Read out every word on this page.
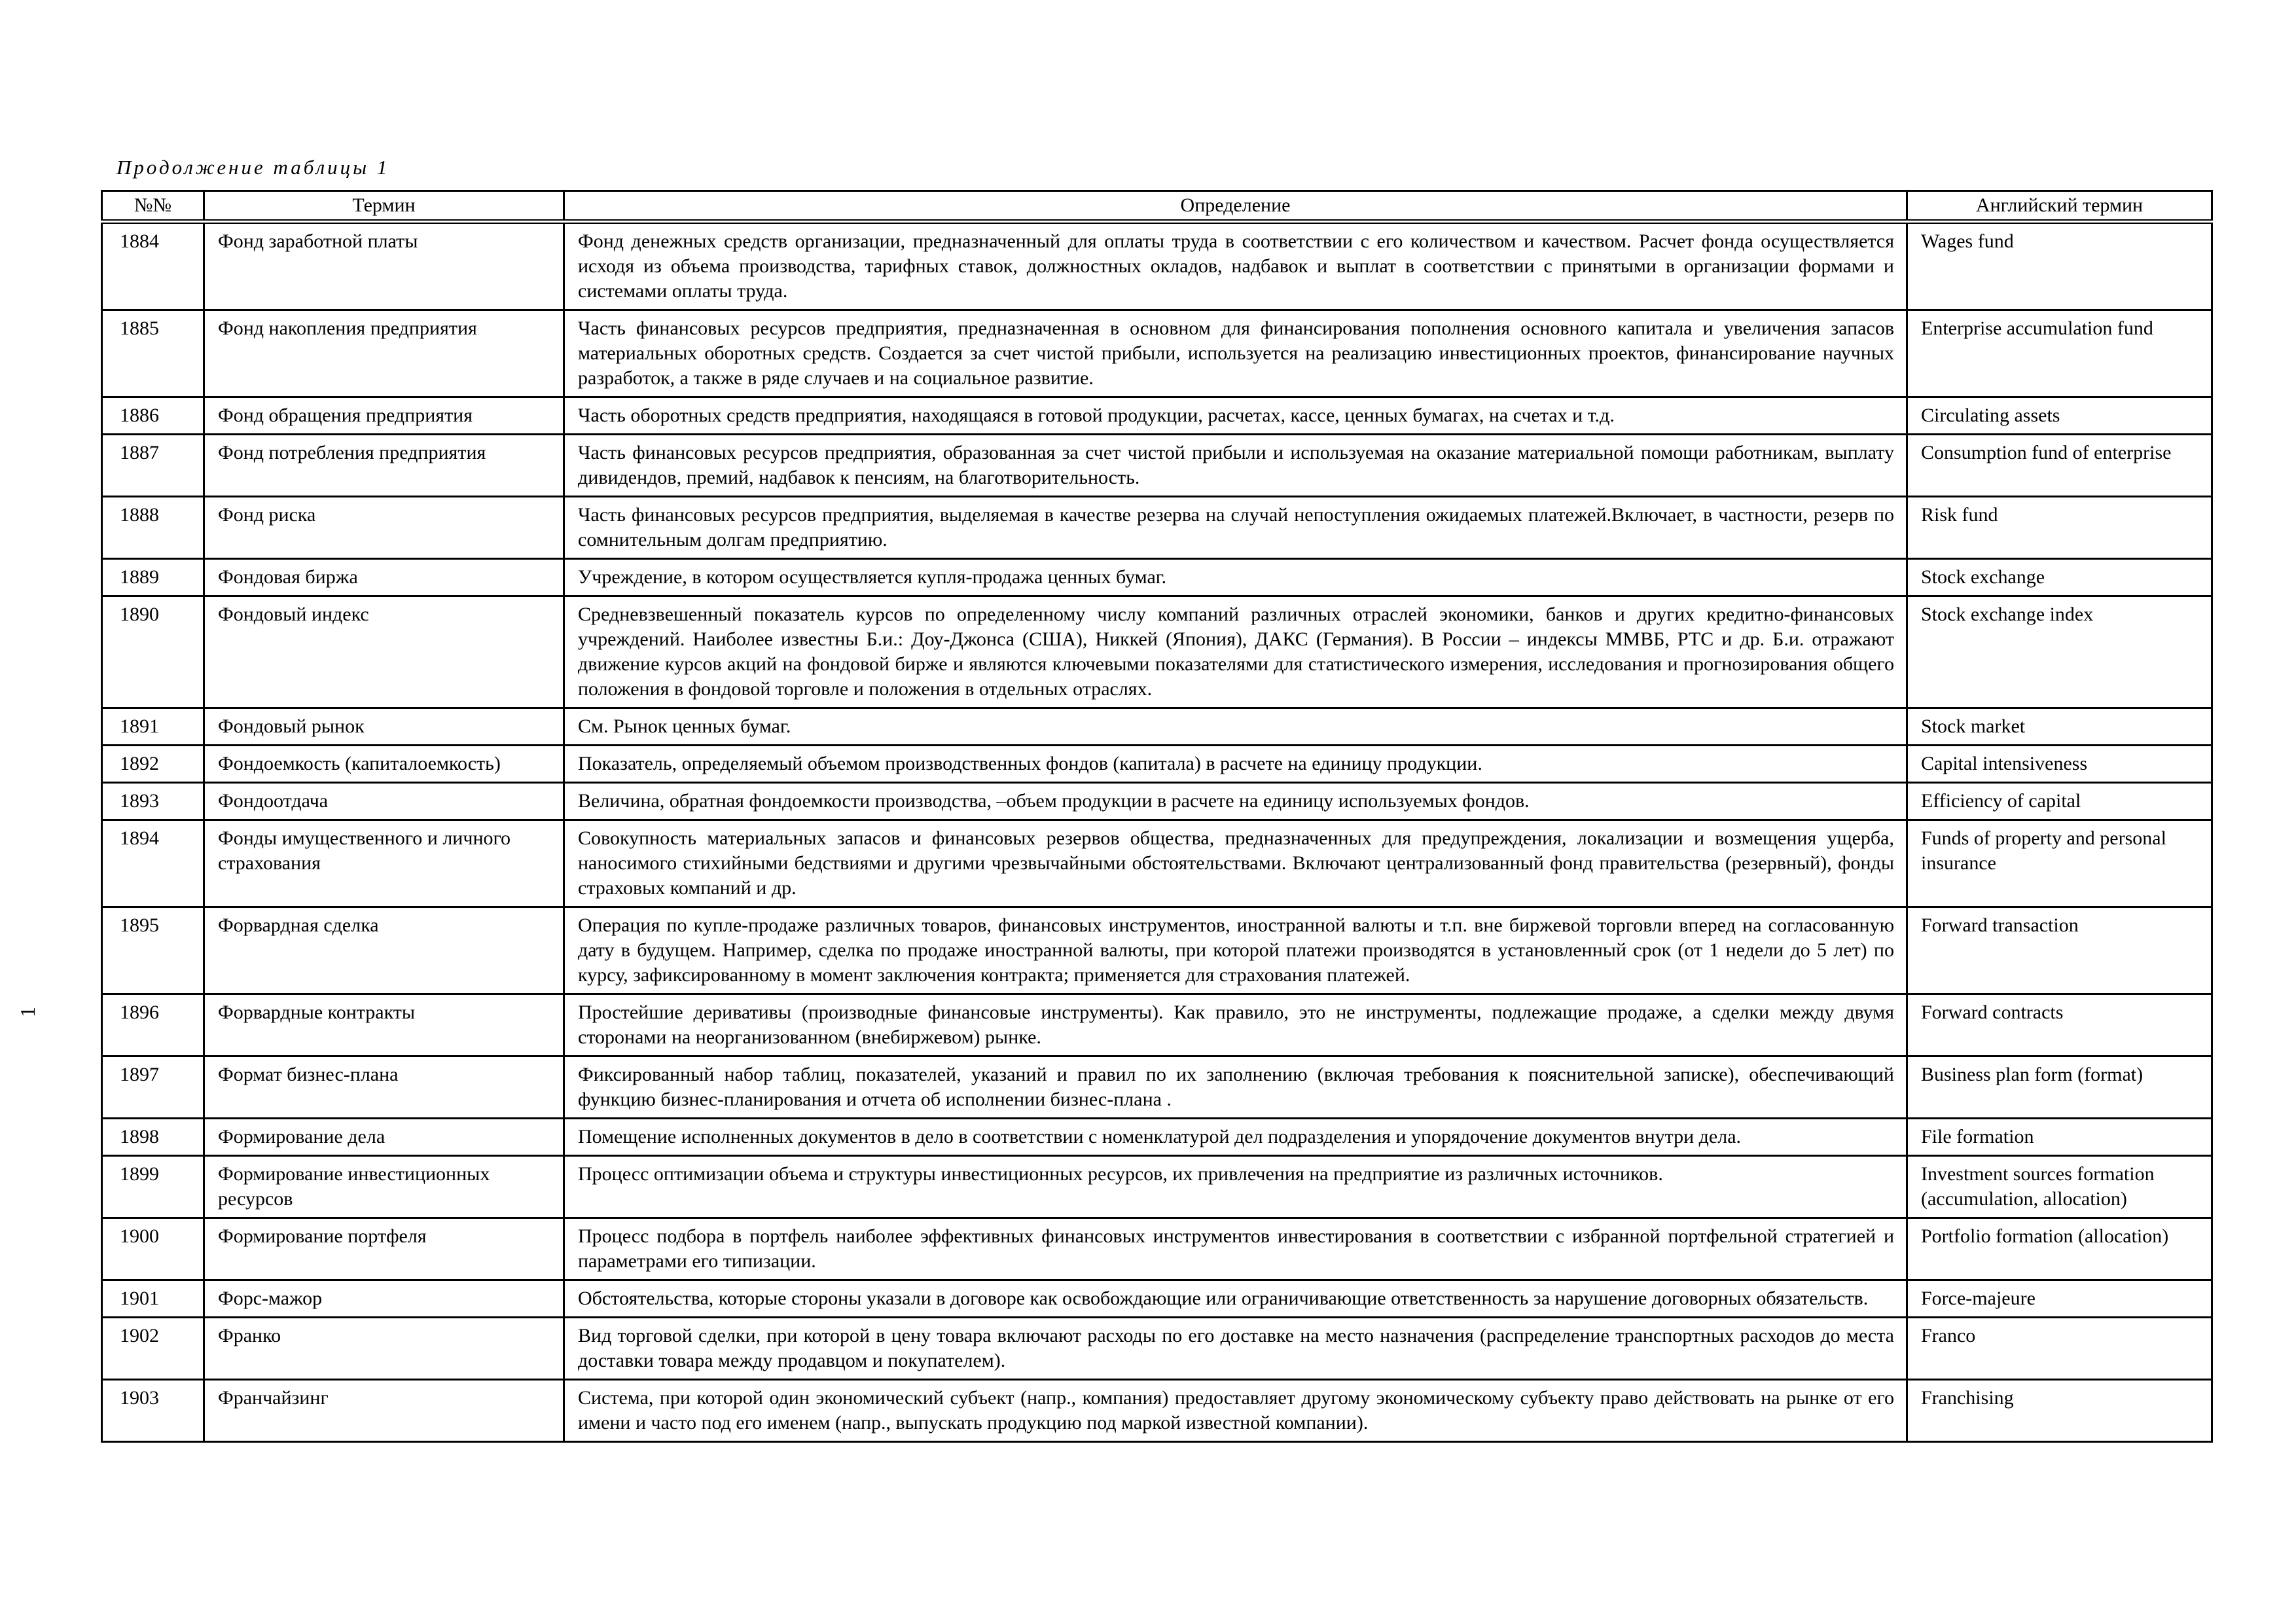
Продолжение таблицы 1
1
№№	Термин	Определение	Английский термин
1884	Фонд заработной платы	Фонд денежных средств организации, предназначенный для оплаты труда в соответствии с его количеством и качеством. Расчет фонда осуществляется исходя из объема производства, тарифных ставок, должностных окладов, надбавок и выплат в соответствии с принятыми в организации формами и системами оплаты труда.	Wages fund
1885	Фонд накопления предприятия	Часть финансовых ресурсов предприятия, предназначенная в основном для финансирования пополнения основного капитала и увеличения запасов материальных оборотных средств. Создается за счет чистой прибыли, используется на реализацию инвестиционных проектов, финансирование научных разработок, а также в ряде случаев и на социальное развитие.	Enterprise accumulation fund
1886	Фонд обращения предприятия	Часть оборотных средств предприятия, находящаяся в готовой продукции, расчетах, кассе, ценных бумагах, на счетах и т.д.	Circulating assets
1887	Фонд потребления предприятия	Часть финансовых ресурсов предприятия, образованная за счет чистой прибыли и используемая на оказание материальной помощи работникам, выплату дивидендов, премий, надбавок к пенсиям, на благотворительность.	Consumption fund of enterprise
1888	Фонд риска	Часть финансовых ресурсов предприятия, выделяемая в качестве резерва на случай непоступления ожидаемых платежей.Включает, в частности, резерв по сомнительным долгам предприятию.	Risk fund
1889	Фондовая биржа	Учреждение, в котором осуществляется купля-продажа ценных бумаг.	Stock exchange
1890	Фондовый индекс	Средневзвешенный показатель курсов по определенному числу компаний различных отраслей экономики, банков и других кредитно-финансовых учреждений. Наиболее известны Б.и.: Доу-Джонса (США), Никкей (Япония), ДАКС (Германия). В России – индексы ММВБ, РТС и др. Б.и. отражают движение курсов акций на фондовой бирже и являются ключевыми показателями для статистического измерения, исследования и прогнозирования общего положения в фондовой торговле и положения в отдельных отраслях.	Stock exchange index
1891	Фондовый рынок	См. Рынок ценных бумаг.	Stock market
1892	Фондоемкость (капиталоемкость)	Показатель, определяемый объемом производственных фондов (капитала) в расчете на единицу продукции.	Capital intensiveness
1893	Фондоотдача	Величина, обратная фондоемкости производства, –объем продукции в расчете на единицу используемых фондов.	Efficiency of capital
1894	Фонды имущественного и личного страхования	Совокупность материальных запасов и финансовых резервов общества, предназначенных для предупреждения, локализации и возмещения ущерба, наносимого стихийными бедствиями и другими чрезвычайными обстоятельствами. Включают централизованный фонд правительства (резервный), фонды страховых компаний и др.	Funds of property and personal insurance
1895	Форвардная сделка	Операция по купле-продаже различных товаров, финансовых инструментов, иностранной валюты и т.п. вне биржевой торговли вперед на согласованную дату в будущем. Например, сделка по продаже иностранной валюты, при которой платежи производятся в установленный срок (от 1 недели до 5 лет) по курсу, зафиксированному в момент заключения контракта; применяется для страхования платежей.	Forward transaction
1896	Форвардные контракты	Простейшие деривативы (производные финансовые инструменты). Как правило, это не инструменты, подлежащие продаже, а сделки между двумя сторонами на неорганизованном (внебиржевом) рынке.	Forward contracts
1897	Формат бизнес-плана	Фиксированный набор таблиц, показателей, указаний и правил по их заполнению (включая требования к пояснительной записке), обеспечивающий функцию бизнес-планирования и отчета об исполнении бизнес-плана .	Business plan form (format)
1898	Формирование дела	Помещение исполненных документов в дело в соответствии с номенклатурой дел подразделения и упорядочение документов внутри дела.	File formation
1899	Формирование инвестиционных ресурсов	Процесс оптимизации объема и структуры инвестиционных ресурсов, их привлечения на предприятие из различных источников.	Investment sources formation (accumulation, allocation)
1900	Формирование портфеля	Процесс подбора в портфель наиболее эффективных финансовых инструментов инвестирования в соответствии с избранной портфельной стратегией и параметрами его типизации.	Portfolio formation (allocation)
1901	Форс-мажор	Обстоятельства, которые стороны указали в договоре как освобождающие или ограничивающие ответственность за нарушение договорных обязательств.	Force-majeure
1902	Франко	Вид торговой сделки, при которой в цену товара включают расходы по его доставке на место назначения (распределение транспортных расходов до места доставки товара между продавцом и покупателем).	Franco
1903	Франчайзинг	Система, при которой один экономический субъект (напр., компания) предоставляет другому экономическому субъекту право действовать на рынке от его имени и часто под его именем (напр., выпускать продукцию под маркой известной компании).	Franchising
